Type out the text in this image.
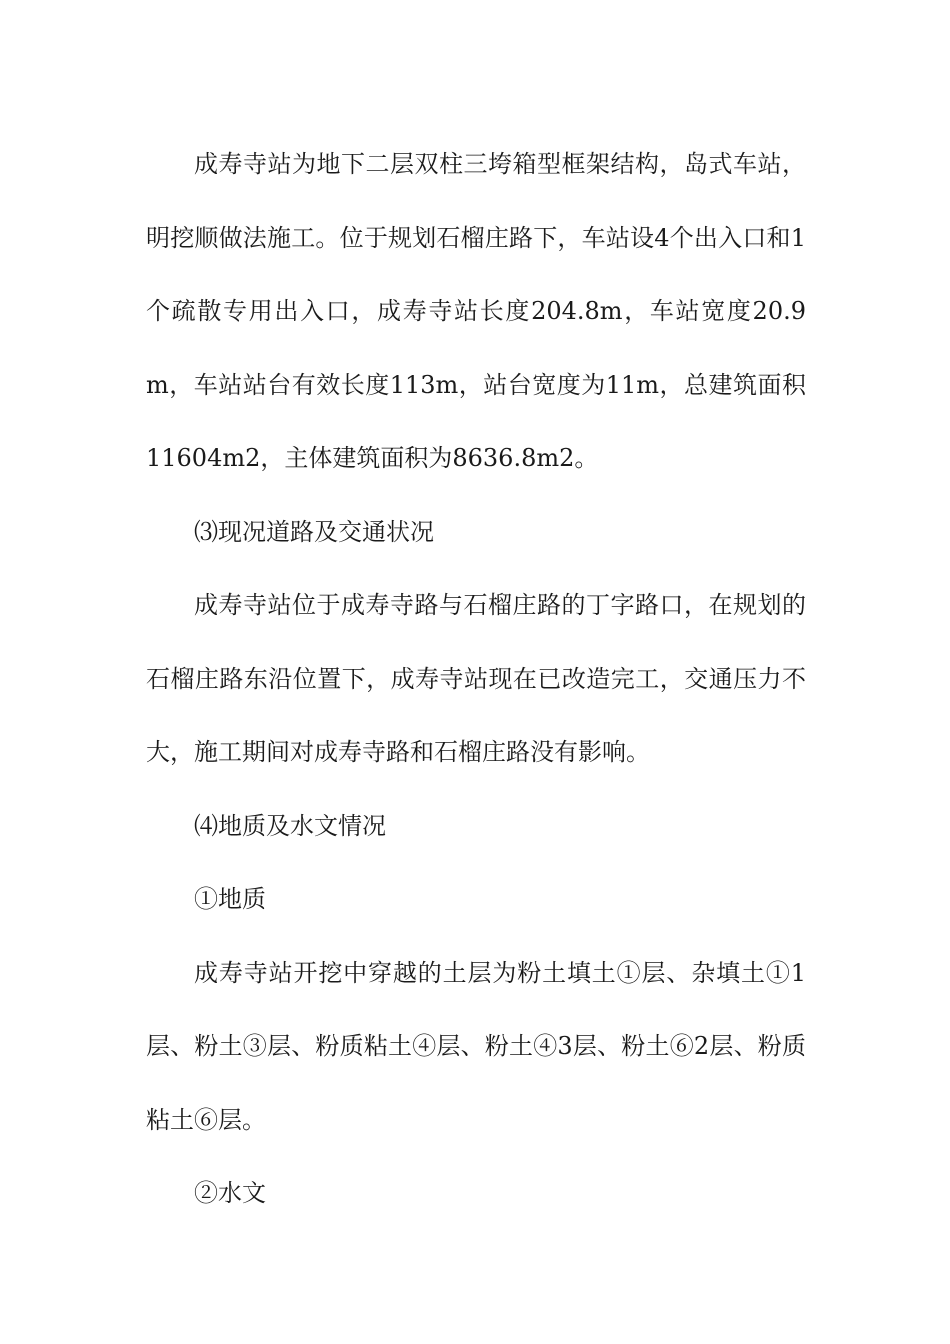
成寿寺站为地下二层双柱三垮箱型框架结构，岛式车站，明挖顺做法施工。位于规划石榴庄路下，车站设4个出入口和1个疏散专用出入口，成寿寺站长度204.8m，车站宽度20.9m，车站站台有效长度113m，站台宽度为11m，总建筑面积11604m2，主体建筑面积为8636.8m2。

⑶现况道路及交通状况

成寿寺站位于成寿寺路与石榴庄路的丁字路口，在规划的石榴庄路东沿位置下，成寿寺站现在已改造完工，交通压力不大，施工期间对成寿寺路和石榴庄路没有影响。

⑷地质及水文情况

①地质

成寿寺站开挖中穿越的土层为粉土填土①层、杂填土①1层、粉土③层、粉质粘土④层、粉土④3层、粉土⑥2层、粉质粘土⑥层。

②水文
